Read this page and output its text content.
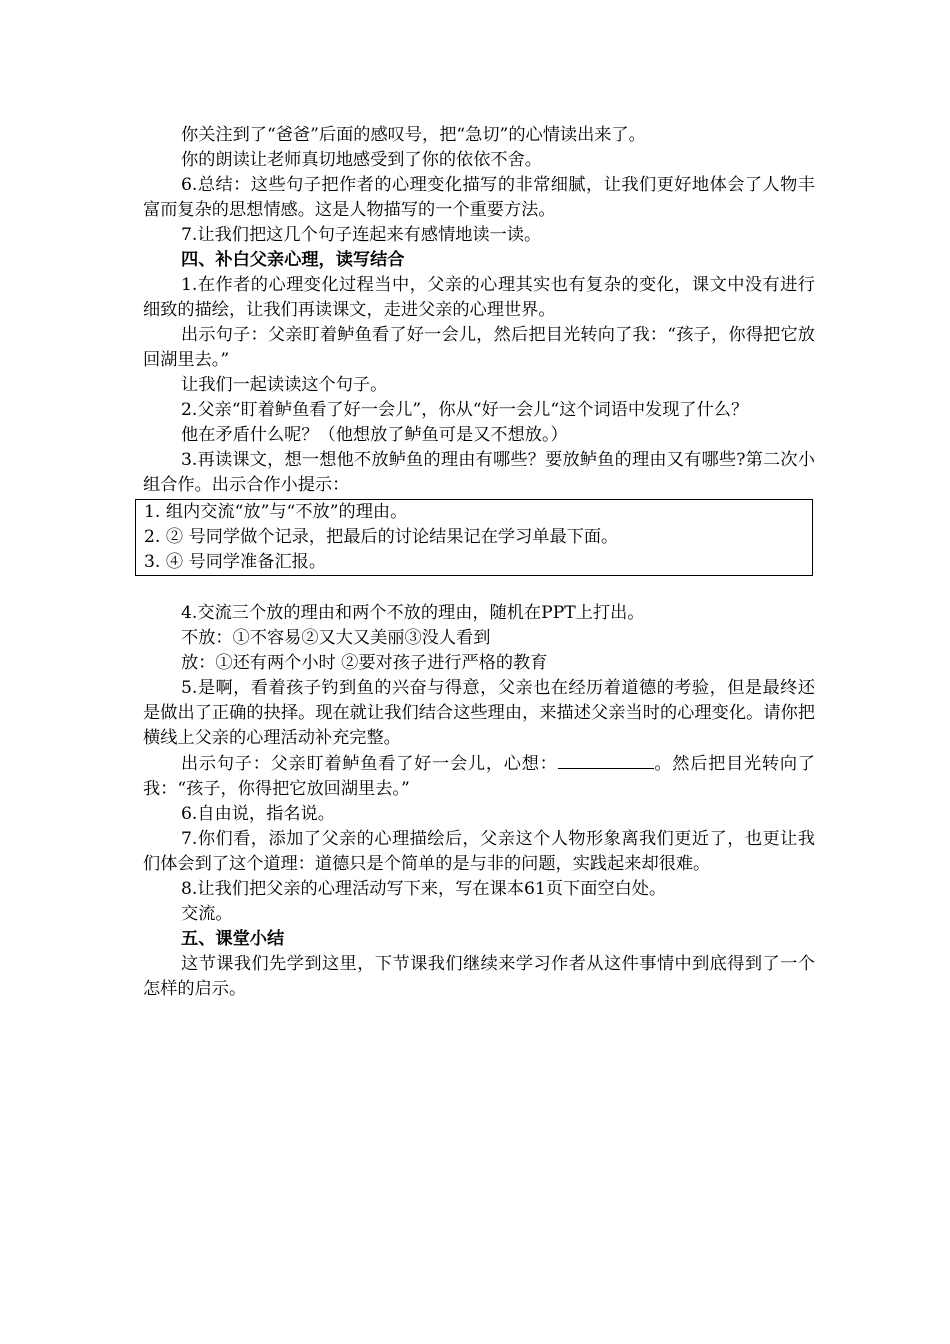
你关注到了“爸爸”后面的感叹号，把“急切”的心情读出来了。

你的朗读让老师真切地感受到了你的依依不舍。

6.总结：这些句子把作者的心理变化描写的非常细腻，让我们更好地体会了人物丰富而复杂的思想情感。这是人物描写的一个重要方法。

7.让我们把这几个句子连起来有感情地读一读。

四、补白父亲心理，读写结合

1.在作者的心理变化过程当中，父亲的心理其实也有复杂的变化，课文中没有进行细致的描绘，让我们再读课文，走进父亲的心理世界。

出示句子：父亲盯着鲈鱼看了好一会儿，然后把目光转向了我：“孩子，你得把它放回湖里去。”

让我们一起读读这个句子。

2.父亲“盯着鲈鱼看了好一会儿”，你从“好一会儿“这个词语中发现了什么？

他在矛盾什么呢？（他想放了鲈鱼可是又不想放。）

3.再读课文，想一想他不放鲈鱼的理由有哪些？要放鲈鱼的理由又有哪些?第二次小组合作。出示合作小提示：

1. 组内交流“放”与“不放”的理由。

2. ② 号同学做个记录，把最后的讨论结果记在学习单最下面。

3. ④ 号同学准备汇报。

4.交流三个放的理由和两个不放的理由，随机在PPT上打出。

不放：①不容易②又大又美丽③没人看到

放：①还有两个小时 ②要对孩子进行严格的教育

5.是啊，看着孩子钓到鱼的兴奋与得意，父亲也在经历着道德的考验，但是最终还是做出了正确的抉择。现在就让我们结合这些理由，来描述父亲当时的心理变化。请你把横线上父亲的心理活动补充完整。

出示句子：父亲盯着鲈鱼看了好一会儿，心想：	。然后把目光转向了我：“孩子，你得把它放回湖里去。”

6.自由说，指名说。

7.你们看，添加了父亲的心理描绘后，父亲这个人物形象离我们更近了，也更让我们体会到了这个道理：道德只是个简单的是与非的问题，实践起来却很难。

8.让我们把父亲的心理活动写下来，写在课本61页下面空白处。

交流。

五、课堂小结

这节课我们先学到这里，下节课我们继续来学习作者从这件事情中到底得到了一个怎样的启示。
